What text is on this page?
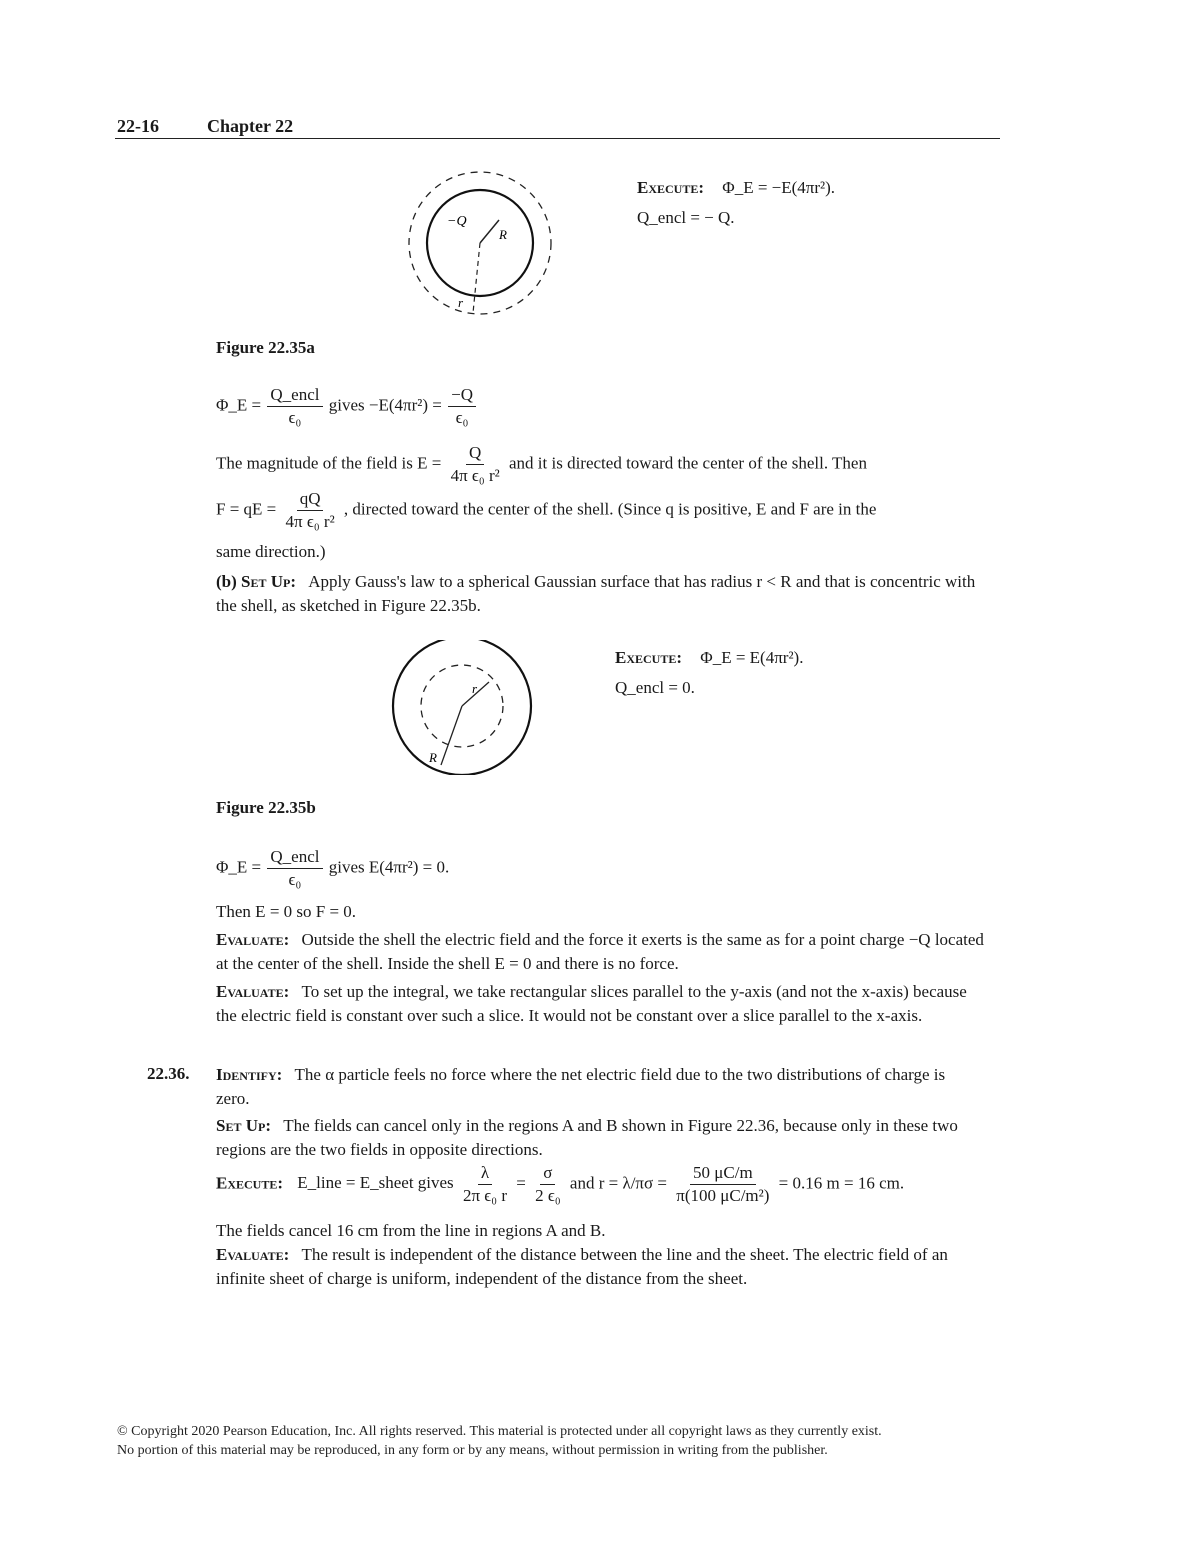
22-16	Chapter 22
−Q
R
r
Execute: Φ_E = −E(4πr²).
Q_encl = − Q.
Figure 22.35a
Φ_E = $\frac{\text{Q\_encl}}{\text{ϵ₀}}$ gives $-E(4\pi r^2) = \frac{-Q}{\text{ϵ₀}}$
The magnitude of the field is $E = \frac{Q}{\text{4π ϵ₀ r²}}$ and it is directed toward the center of the shell. Then
F = qE = $\frac{qQ}{\text{4π ϵ₀ r²}}$ , directed toward the center of the shell. (Since q is positive, E and F are in the
same direction.)
(b) Set Up: Apply Gauss's law to a spherical Gaussian surface that has radius r < R and that is concentric with the shell, as sketched in Figure 22.35b.
r
R
Execute: Φ_E = E(4πr²).
Q_encl = 0.
Figure 22.35b
Φ_E = $\frac{\text{Q\_encl}}{\text{ϵ₀}}$ gives E(4πr²) = 0.
Then E = 0 so F = 0.
Evaluate: Outside the shell the electric field and the force it exerts is the same as for a point charge −Q located at the center of the shell. Inside the shell E = 0 and there is no force.
Evaluate: To set up the integral, we take rectangular slices parallel to the y-axis (and not the x-axis) because the electric field is constant over such a slice. It would not be constant over a slice parallel to the x-axis.
22.36. Identify: The α particle feels no force where the net electric field due to the two distributions of charge is zero.
Set Up: The fields can cancel only in the regions A and B shown in Figure 22.36, because only in these two regions are the two fields in opposite directions.
Execute: E_line = E_sheet gives $\frac{\lambda}{\text{2π ϵ₀ r}} = \frac{\sigma}{\text{2 ϵ₀}}$ and $r = \lambda/\pi\sigma = \frac{50 \mu C/m}{\text{π(100 μC/m²)}} = 0.16$ m = 16 cm.
The fields cancel 16 cm from the line in regions A and B.
Evaluate: The result is independent of the distance between the line and the sheet. The electric field of an infinite sheet of charge is uniform, independent of the distance from the sheet.
© Copyright 2020 Pearson Education, Inc. All rights reserved. This material is protected under all copyright laws as they currently exist.
No portion of this material may be reproduced, in any form or by any means, without permission in writing from the publisher.
